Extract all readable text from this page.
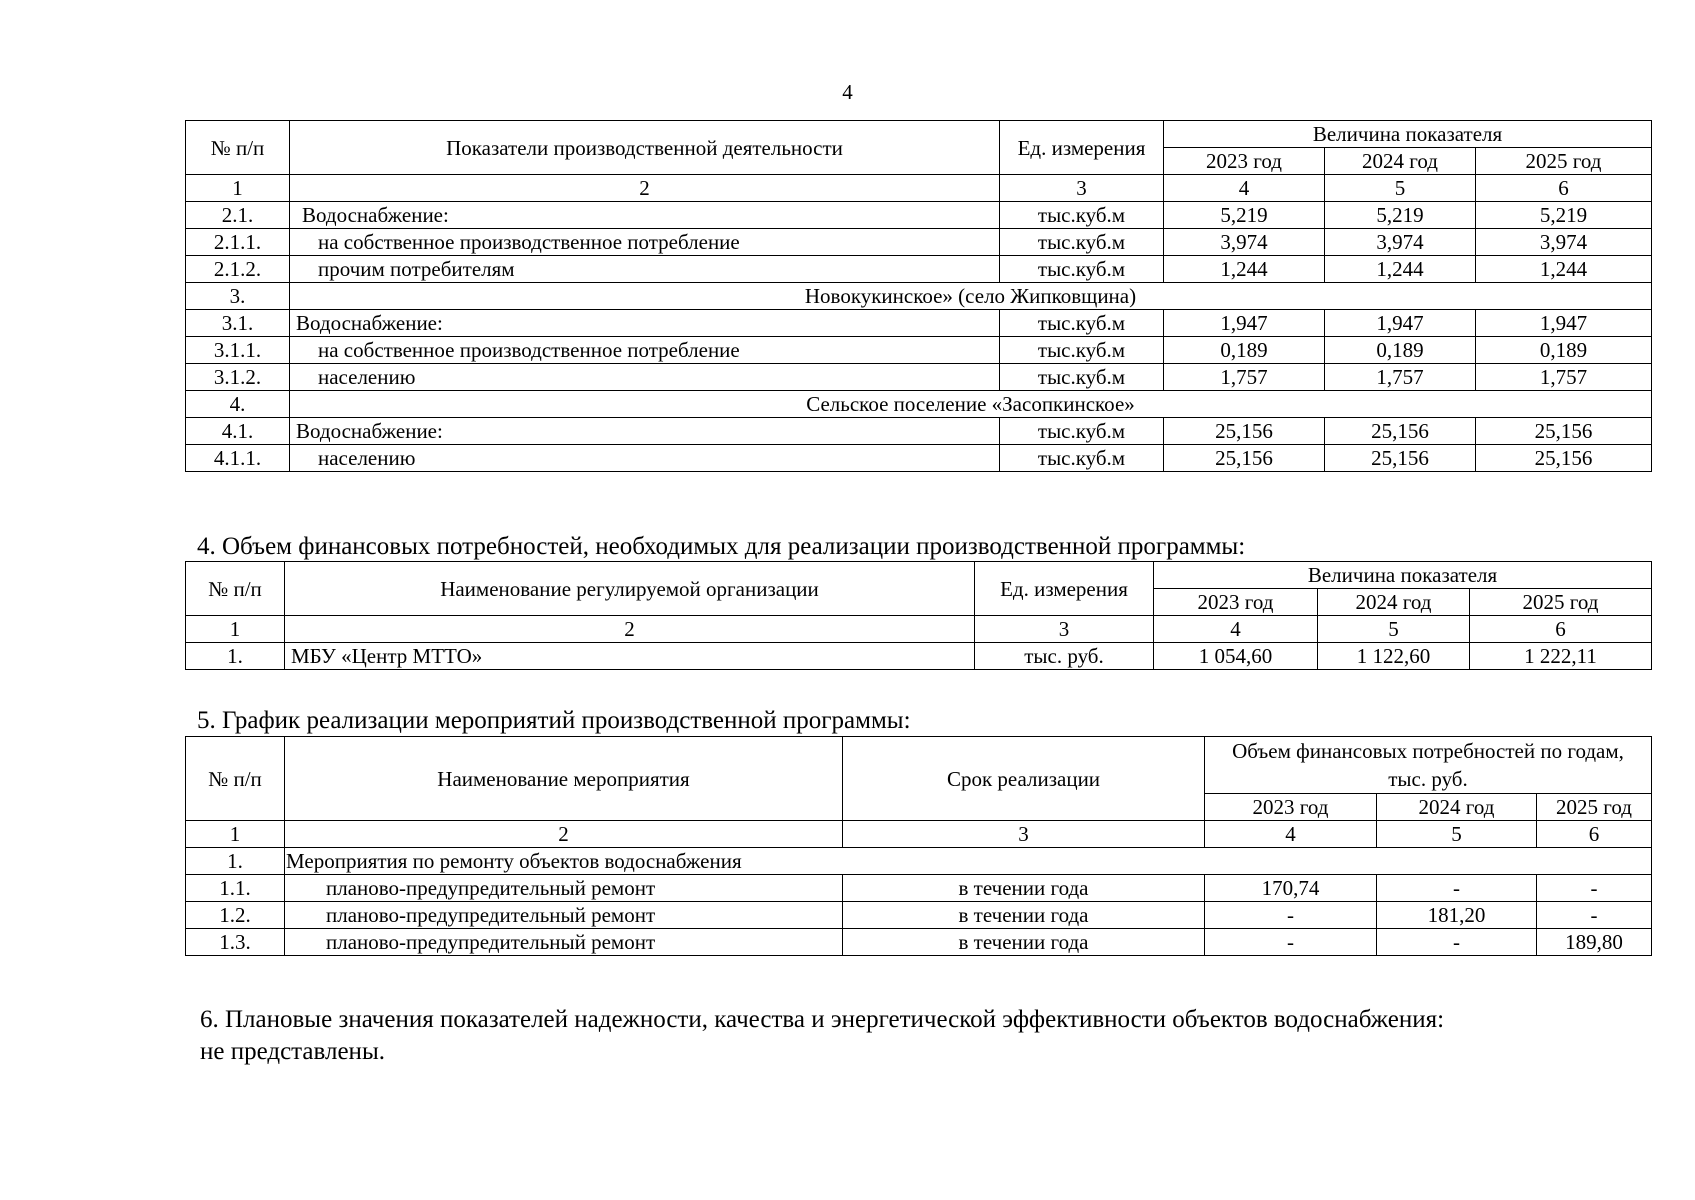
4
№ п/п	Показатели производственной деятельности	Ед. измерения	Величина показателя		
			2023 год	2024 год	2025 год
1	2	3	4	5	6
2.1.	Водоснабжение:	тыс.куб.м	5,219	5,219	5,219
2.1.1.	на собственное производственное потребление	тыс.куб.м	3,974	3,974	3,974
2.1.2.	прочим потребителям	тыс.куб.м	1,244	1,244	1,244
3.	Новокукинское» (село Жипковщина)				
3.1.	Водоснабжение:	тыс.куб.м	1,947	1,947	1,947
3.1.1.	на собственное производственное потребление	тыс.куб.м	0,189	0,189	0,189
3.1.2.	населению	тыс.куб.м	1,757	1,757	1,757
4.	Сельское поселение «Засопкинское»				
4.1.	Водоснабжение:	тыс.куб.м	25,156	25,156	25,156
4.1.1.	населению	тыс.куб.м	25,156	25,156	25,156
4. Объем финансовых потребностей, необходимых для реализации производственной программы:
№ п/п	Наименование регулируемой организации	Ед. измерения	Величина показателя		
			2023 год	2024 год	2025 год
1	2	3	4	5	6
1.	МБУ «Центр МТТО»	тыс. руб.	1 054,60	1 122,60	1 222,11
5. График реализации мероприятий производственной программы:
№ п/п	Наименование мероприятия	Срок реализации	Объем финансовых потребностей по годам, тыс. руб.		
			2023 год	2024 год	2025 год
1	2	3	4	5	6
1.	Мероприятия по ремонту объектов водоснабжения				
1.1.	планово-предупредительный ремонт	в течении года	170,74	-	-
1.2.	планово-предупредительный ремонт	в течении года	-	181,20	-
1.3.	планово-предупредительный ремонт	в течении года	-	-	189,80
6. Плановые значения показателей надежности, качества и энергетической эффективности объектов водоснабжения:
не представлены.
